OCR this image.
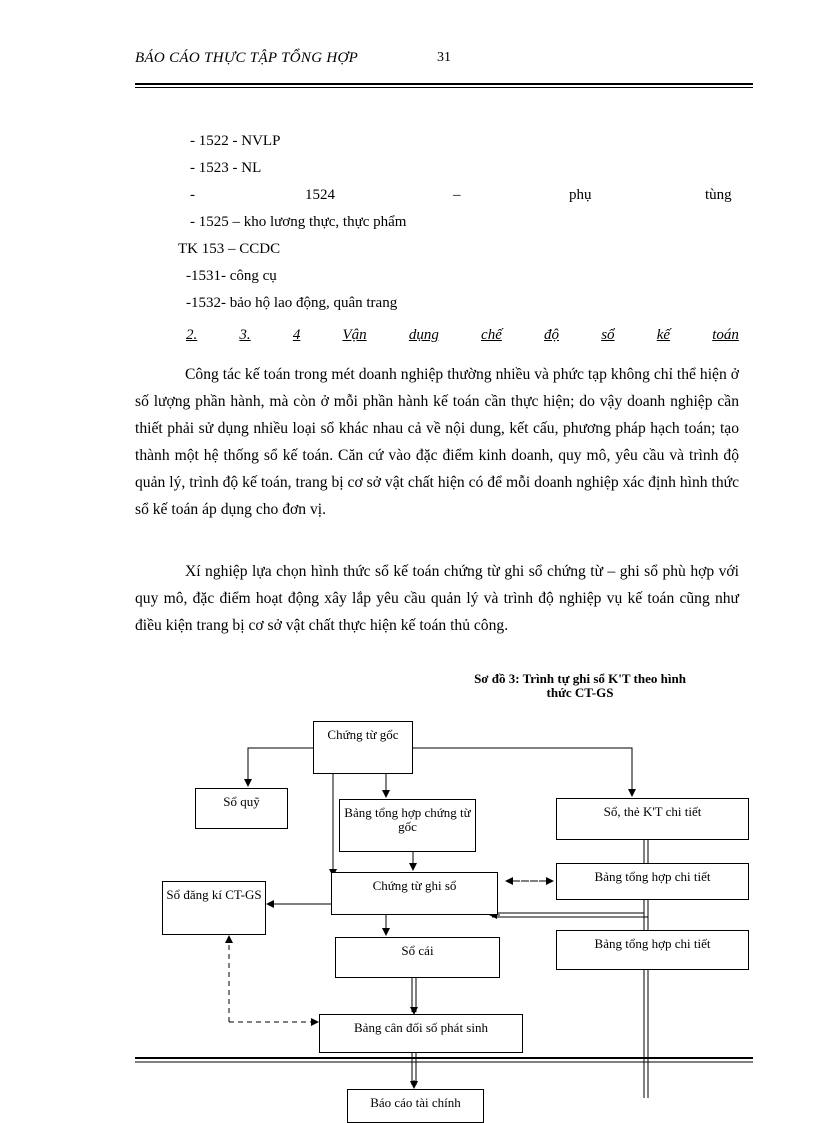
BÁO CÁO THỰC TẬP TỔNG HỢP	31
- 1522 - NVLP
- 1523 - NL
-	1524	–	phụ	tùng
- 1525 – kho lương thực, thực phẩm
TK 153 – CCDC
-1531- công cụ
-1532- bảo hộ lao động, quân trang
2.	3.	4	Vận	dụng	chế	độ	sổ	kế	toán
Công tác kế toán trong mét doanh nghiệp thường nhiều và phức tạp không chỉ thể hiện ở số lượng phần hành, mà còn ở mỗi phần hành kế toán cần thực hiện; do vậy doanh nghiệp cần thiết phải sử dụng nhiều loại sổ khác nhau cả về nội dung, kết cấu, phương pháp hạch toán; tạo thành một hệ thống sổ kế toán. Căn cứ vào đặc điểm kinh doanh, quy mô, yêu cầu và trình độ quản lý, trình độ kế toán, trang bị cơ sở vật chất hiện có để mỗi doanh nghiệp xác định hình thức sổ kế toán áp dụng cho đơn vị.
Xí nghiệp lựa chọn hình thức sổ kế toán chứng từ ghi sổ chứng từ – ghi sổ phù hợp với quy mô, đặc điểm hoạt động xây lắp yêu cầu quản lý và trình độ nghiệp vụ kế toán cũng như điều kiện trang bị cơ sở vật chất thực hiện kế toán thủ công.
Sơ đồ 3: Trình tự ghi sổ K'T theo hình
thức CT-GS
Chứng từ gốc
Sổ quỹ
Bảng tổng hợp chứng từ gốc
Sổ, thẻ K'T chi tiết
Sổ đăng kí CT-GS
Chứng từ ghi sổ
Bảng tổng hợp chi tiết
Sổ cái	Bảng tổng hợp chi tiết
Bảng cân đối số phát sinh
Báo cáo tài chính
